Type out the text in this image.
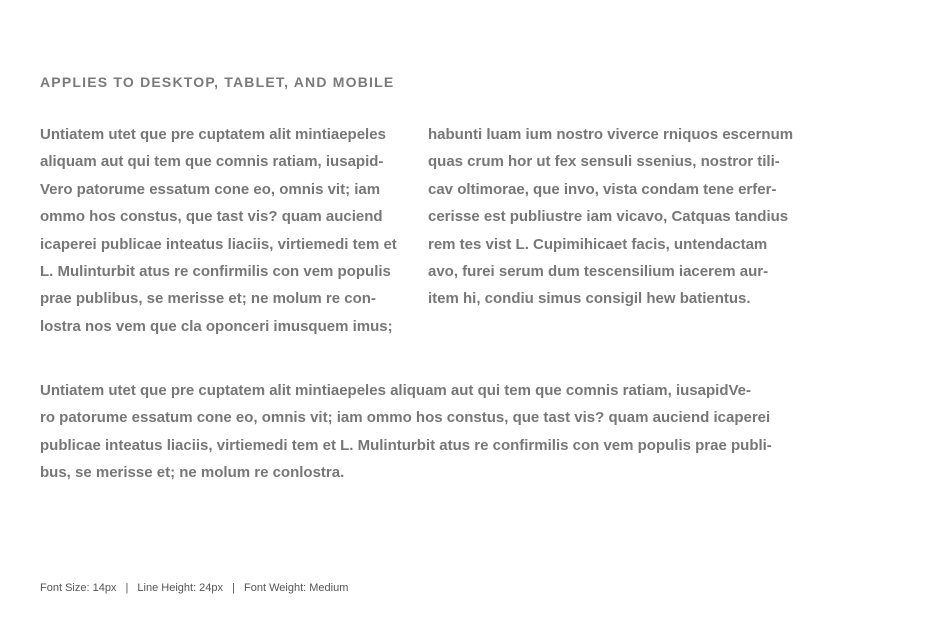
APPLIES TO DESKTOP, TABLET, AND MOBILE
Untiatem utet que pre cuptatem alit mintiaepeles
aliquam aut qui tem que comnis ratiam, iusapid-
Vero patorume essatum cone eo, omnis vit; iam
ommo hos constus, que tast vis? quam auciend
icaperei publicae inteatus liaciis, virtiemedi tem et
L. Mulinturbit atus re confirmilis con vem populis
prae publibus, se merisse et; ne molum re con-
lostra nos vem que cla oponceri imusquem imus;
habunti luam ium nostro viverce rniquos escernum
quas crum hor ut fex sensuli ssenius, nostror tili-
cav oltimorae, que invo, vista condam tene erfer-
cerisse est publiustre iam vicavo, Catquas tandius
rem tes vist L. Cupimihicaet facis, untendactam
avo, furei serum dum tescensilium iacerem aur-
item hi, condiu simus consigil hew batientus.
Untiatem utet que pre cuptatem alit mintiaepeles aliquam aut qui tem que comnis ratiam, iusapidVe-
ro patorume essatum cone eo, omnis vit; iam ommo hos constus, que tast vis? quam auciend icaperei
publicae inteatus liaciis, virtiemedi tem et L. Mulinturbit atus re confirmilis con vem populis prae publi-
bus, se merisse et; ne molum re conlostra.
Font Size: 14px | Line Height: 24px | Font Weight: Medium
